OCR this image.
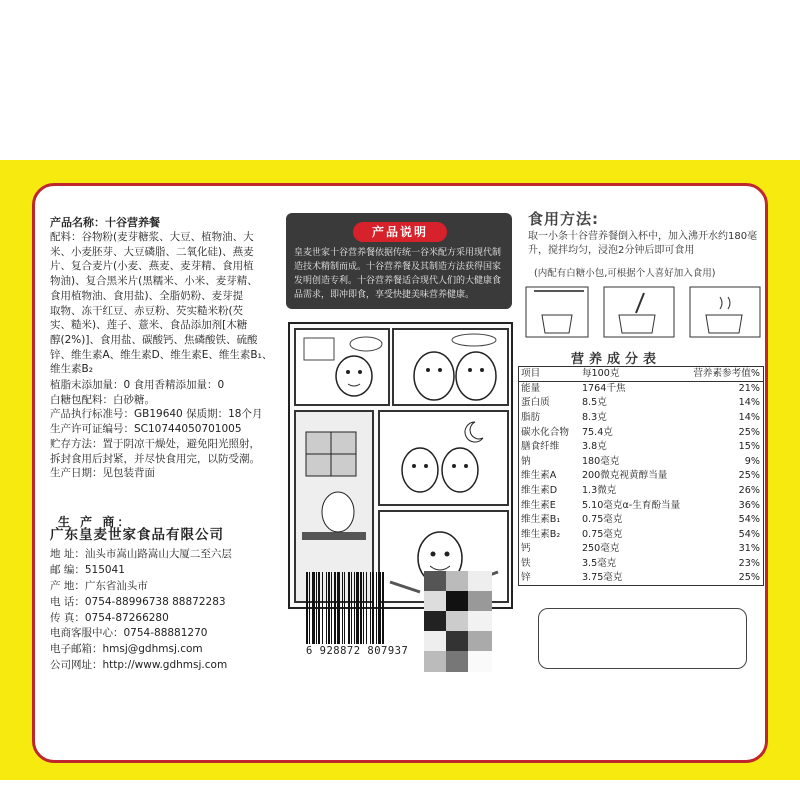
产品名称：十谷营养餐
配料：谷物粉(麦芽糖浆、大豆、植物油、大
米、小麦胚芽、大豆磷脂、二氧化硅)、燕麦
片、复合麦片(小麦、燕麦、麦芽精、食用植
物油)、复合黑米片(黑糯米、小米、麦芽精、
食用植物油、食用盐)、全脂奶粉、麦芽提
取物、冻干红豆、赤豆粉、芡实糙米粉(芡
实、糙米)、莲子、薏米、食品添加剂[木糖
醇(2%)]、食用盐、碳酸钙、焦磷酸铁、硫酸
锌、维生素A、维生素D、维生素E、维生素B₁、
维生素B₂
植脂末添加量：0 食用香精添加量：0
白糖包配料：白砂糖。
产品执行标准号：GB19640 保质期：18个月
生产许可证编号：SC10744050701005
贮存方法：置于阴凉干燥处，避免阳光照射，
拆封食用后封紧，并尽快食用完，以防受潮。
生产日期：见包装背面
生 产 商：
广东皇麦世家食品有限公司
地 址：汕头市嵩山路嵩山大厦二至六层
邮 编：515041
产 地：广东省汕头市
电 话：0754-88996738 88872283
传 真：0754-87266280
电商客服中心：0754-88881270
电子邮箱：hmsj@gdhmsj.com
公司网址：http://www.gdhmsj.com
产品说明
皇麦世家十谷营养餐依据传统一谷米配方采用现代制造技术精制而成。十谷营养餐及其制造方法获得国家发明创造专利。十谷营养餐适合现代人们的大健康食品需求，即冲即食，享受快捷美味营养健康。
食用方法:
取一小条十谷营养餐倒入杯中，加入沸开水约180毫升，搅拌均匀，浸泡2分钟后即可食用
(内配有白糖小包,可根据个人喜好加入食用)
营养成分表
项目	每100克	营养素参考值%
能量	1764千焦	21%
蛋白质	8.5克	14%
脂肪	8.3克	14%
碳水化合物	75.4克	25%
膳食纤维	3.8克	15%
钠	180毫克	9%
维生素A	200微克视黄醇当量	25%
维生素D	1.3微克	26%
维生素E	5.10毫克α-生育酚当量	36%
维生素B₁	0.75毫克	54%
维生素B₂	0.75毫克	54%
钙	250毫克	31%
铁	3.5毫克	23%
锌	3.75毫克	25%
6 928872 807937
